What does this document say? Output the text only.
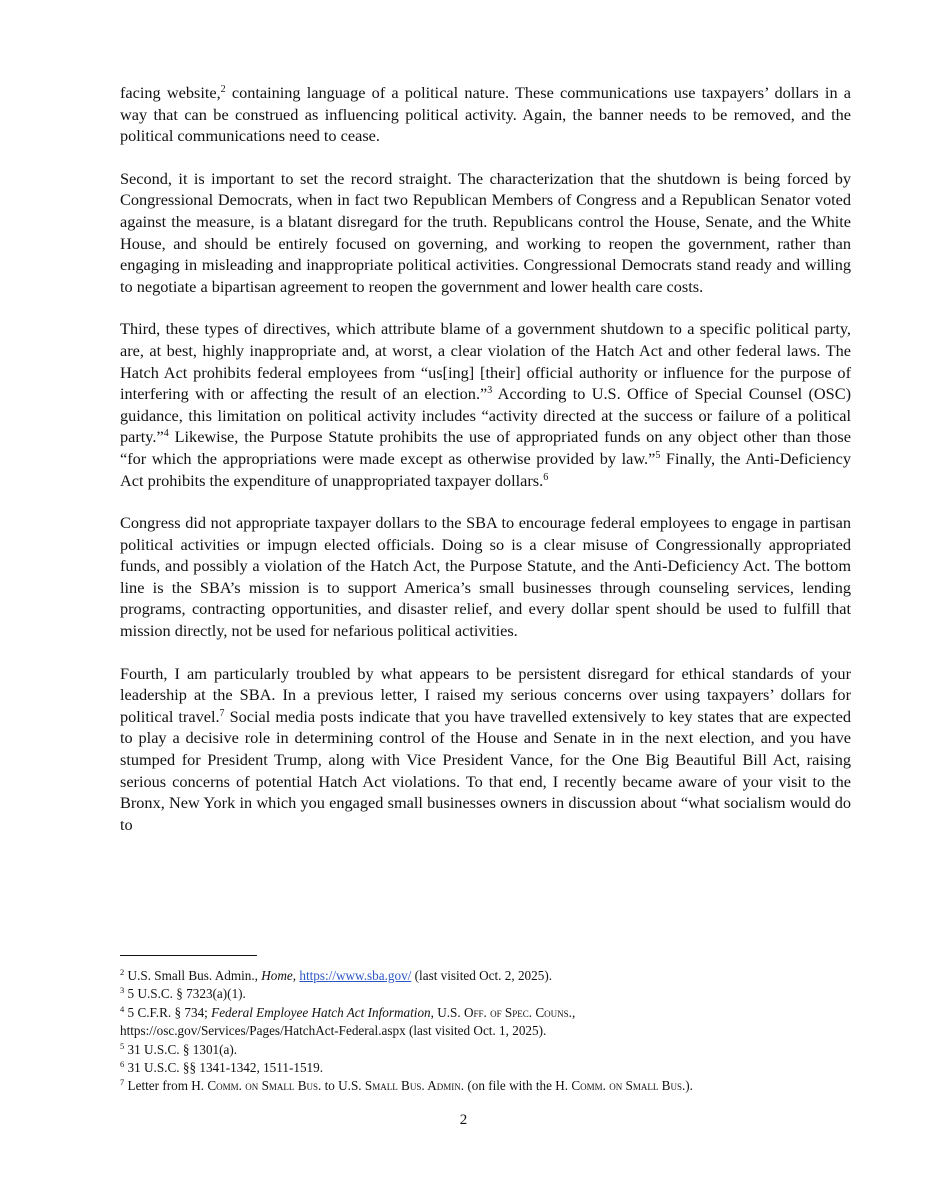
facing website,$^2$ containing language of a political nature. These communications use taxpayers’ dollars in a way that can be construed as influencing political activity. Again, the banner needs to be removed, and the political communications need to cease.

Second, it is important to set the record straight. The characterization that the shutdown is being forced by Congressional Democrats, when in fact two Republican Members of Congress and a Republican Senator voted against the measure, is a blatant disregard for the truth. Republicans control the House, Senate, and the White House, and should be entirely focused on governing, and working to reopen the government, rather than engaging in misleading and inappropriate political activities. Congressional Democrats stand ready and willing to negotiate a bipartisan agreement to reopen the government and lower health care costs.

Third, these types of directives, which attribute blame of a government shutdown to a specific political party, are, at best, highly inappropriate and, at worst, a clear violation of the Hatch Act and other federal laws. The Hatch Act prohibits federal employees from “us[ing] [their] official authority or influence for the purpose of interfering with or affecting the result of an election.”$^3$ According to U.S. Office of Special Counsel (OSC) guidance, this limitation on political activity includes “activity directed at the success or failure of a political party.”$^4$ Likewise, the Purpose Statute prohibits the use of appropriated funds on any object other than those “for which the appropriations were made except as otherwise provided by law.”$^5$ Finally, the Anti-Deficiency Act prohibits the expenditure of unappropriated taxpayer dollars.$^6$

Congress did not appropriate taxpayer dollars to the SBA to encourage federal employees to engage in partisan political activities or impugn elected officials. Doing so is a clear misuse of Congressionally appropriated funds, and possibly a violation of the Hatch Act, the Purpose Statute, and the Anti-Deficiency Act. The bottom line is the SBA’s mission is to support America’s small businesses through counseling services, lending programs, contracting opportunities, and disaster relief, and every dollar spent should be used to fulfill that mission directly, not be used for nefarious political activities.

Fourth, I am particularly troubled by what appears to be persistent disregard for ethical standards of your leadership at the SBA. In a previous letter, I raised my serious concerns over using taxpayers’ dollars for political travel.$^7$ Social media posts indicate that you have travelled extensively to key states that are expected to play a decisive role in determining control of the House and Senate in in the next election, and you have stumped for President Trump, along with Vice President Vance, for the One Big Beautiful Bill Act, raising serious concerns of potential Hatch Act violations. To that end, I recently became aware of your visit to the Bronx, New York in which you engaged small businesses owners in discussion about “what socialism would do to

$^2$ U.S. Small Bus. Admin., Home, https://www.sba.gov/ (last visited Oct. 2, 2025).
$^3$ 5 U.S.C. § 7323(a)(1).
$^4$ 5 C.F.R. § 734; Federal Employee Hatch Act Information, U.S. Off. of Spec. Couns.,
https://osc.gov/Services/Pages/HatchAct-Federal.aspx (last visited Oct. 1, 2025).
$^5$ 31 U.S.C. § 1301(a).
$^6$ 31 U.S.C. §§ 1341-1342, 1511-1519.
$^7$ Letter from H. Comm. on Small Bus. to U.S. Small Bus. Admin. (on file with the H. Comm. on Small Bus.).
2
